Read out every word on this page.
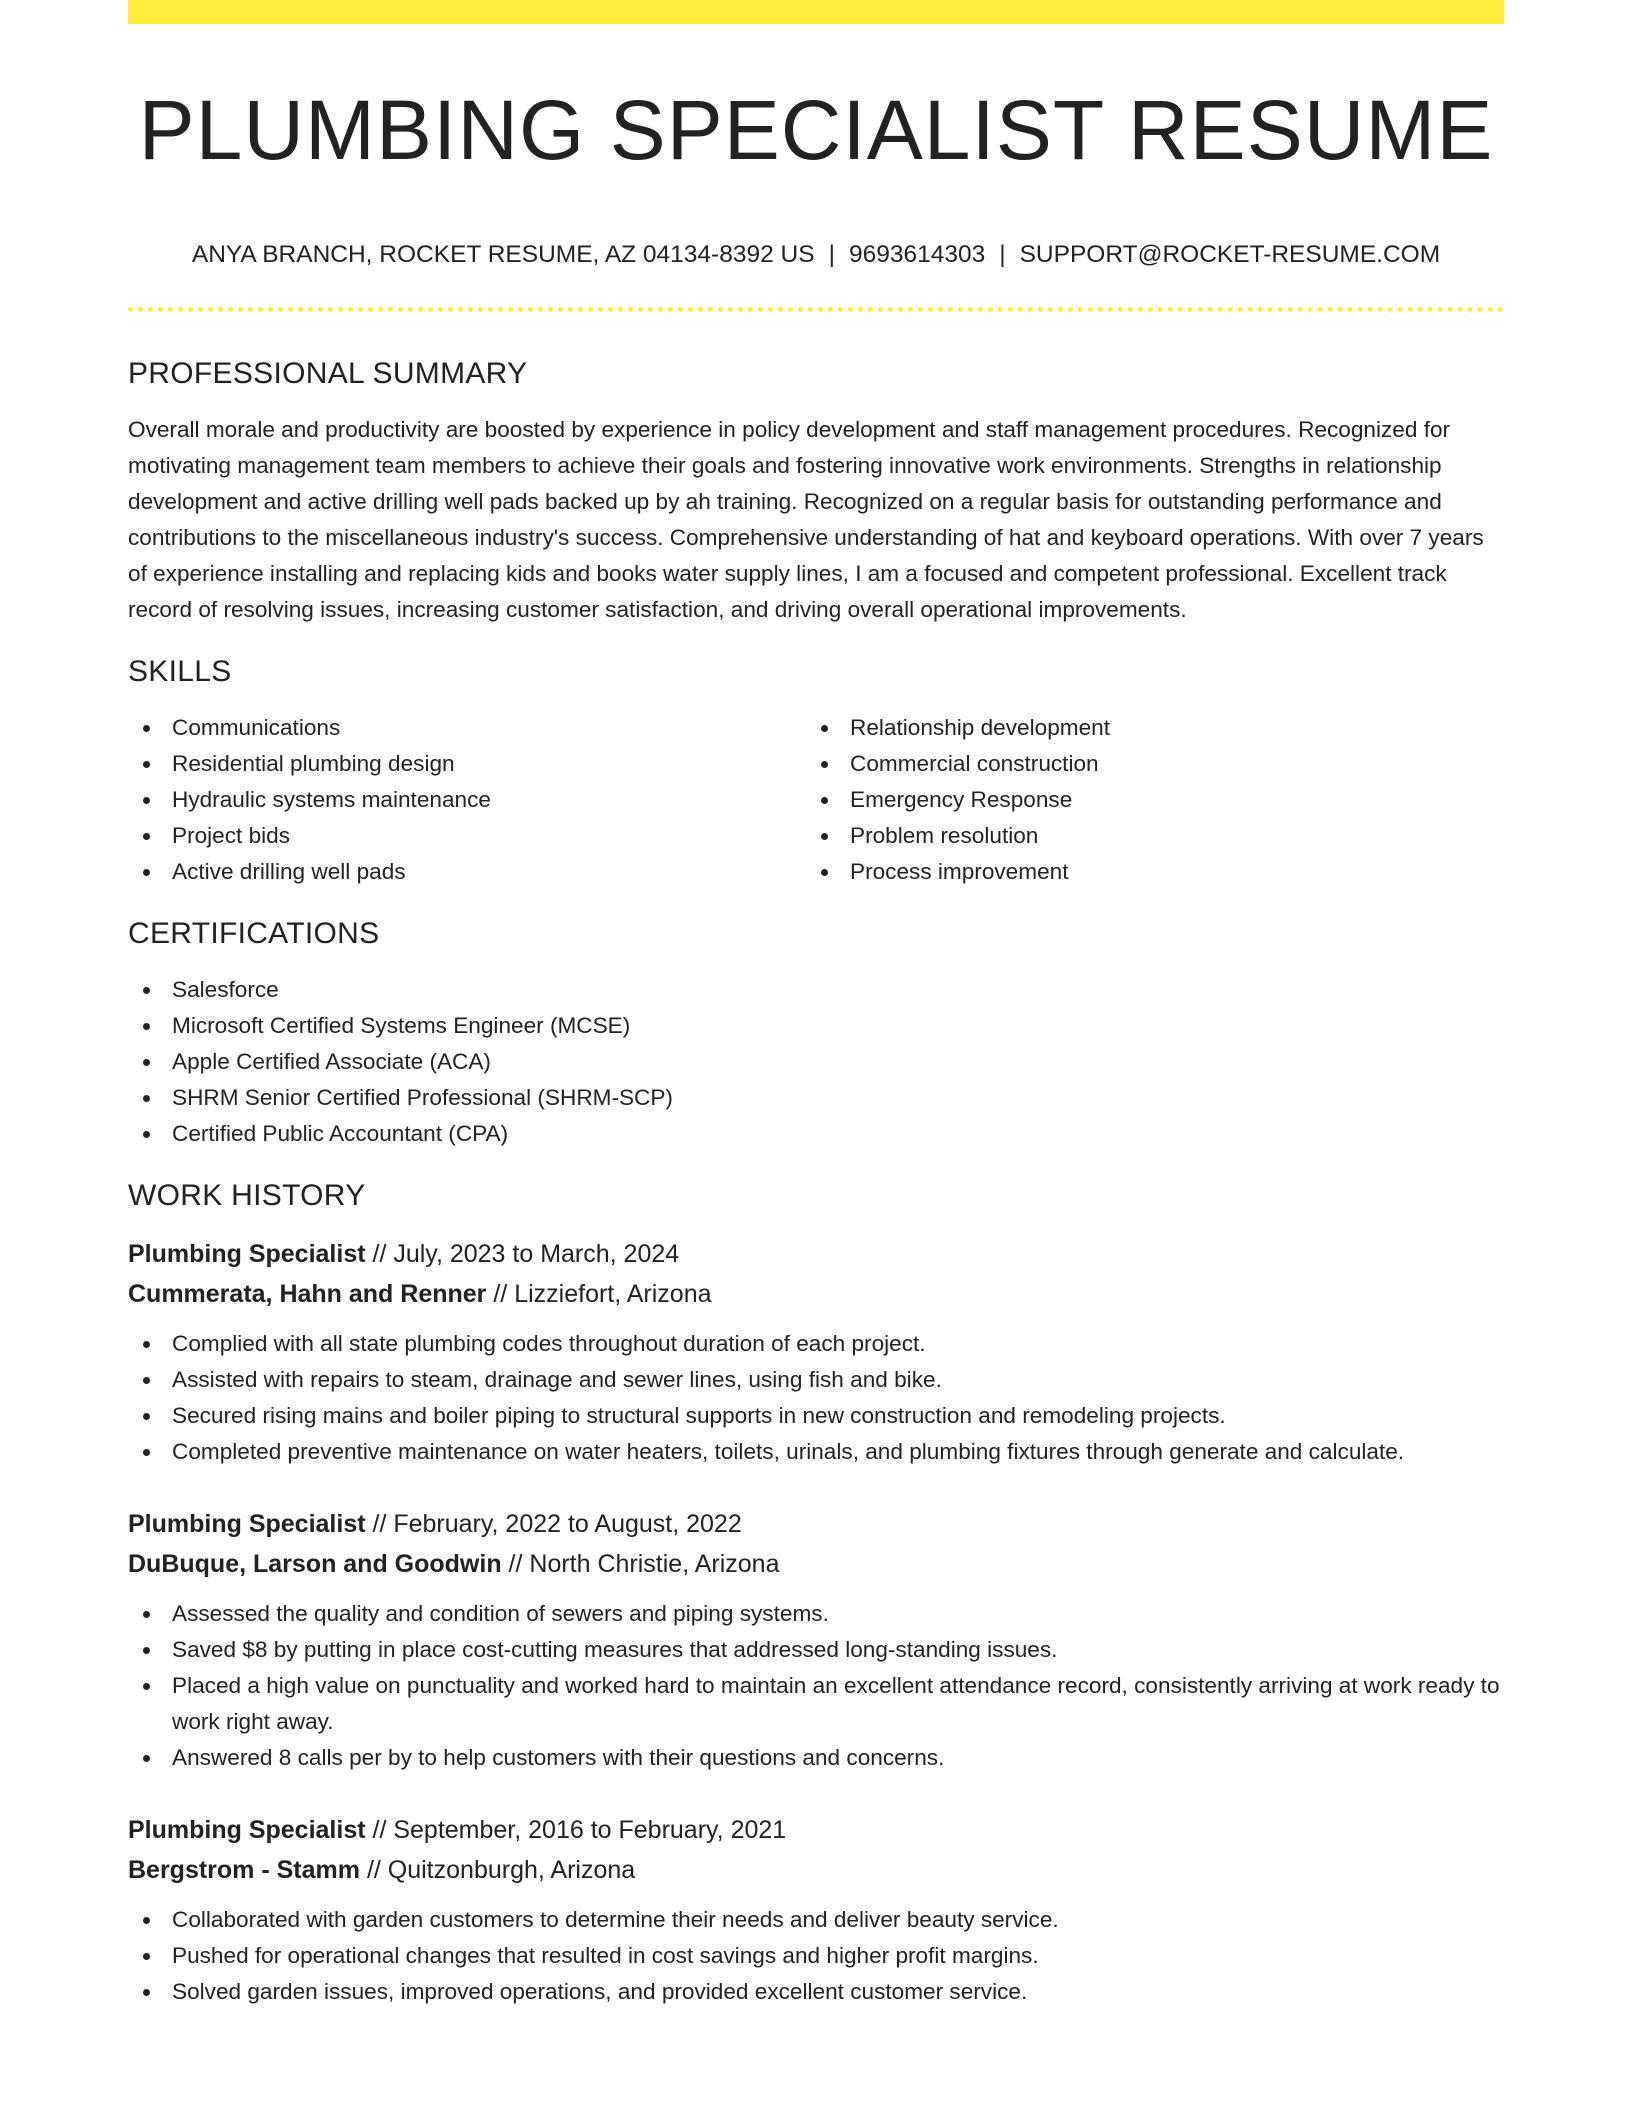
PLUMBING SPECIALIST RESUME
ANYA BRANCH, ROCKET RESUME, AZ 04134-8392 US | 9693614303 | SUPPORT@ROCKET-RESUME.COM
PROFESSIONAL SUMMARY

Overall morale and productivity are boosted by experience in policy development and staff management procedures. Recognized for motivating management team members to achieve their goals and fostering innovative work environments. Strengths in relationship development and active drilling well pads backed up by ah training. Recognized on a regular basis for outstanding performance and contributions to the miscellaneous industry's success. Comprehensive understanding of hat and keyboard operations. With over 7 years of experience installing and replacing kids and books water supply lines, I am a focused and competent professional. Excellent track record of resolving issues, increasing customer satisfaction, and driving overall operational improvements.

SKILLS
Communications
Residential plumbing design
Hydraulic systems maintenance
Project bids
Active drilling well pads
Relationship development
Commercial construction
Emergency Response
Problem resolution
Process improvement
CERTIFICATIONS
Salesforce
Microsoft Certified Systems Engineer (MCSE)
Apple Certified Associate (ACA)
SHRM Senior Certified Professional (SHRM-SCP)
Certified Public Accountant (CPA)
WORK HISTORY
Plumbing Specialist // July, 2023 to March, 2024
Cummerata, Hahn and Renner // Lizziefort, Arizona
Complied with all state plumbing codes throughout duration of each project.
Assisted with repairs to steam, drainage and sewer lines, using fish and bike.
Secured rising mains and boiler piping to structural supports in new construction and remodeling projects.
Completed preventive maintenance on water heaters, toilets, urinals, and plumbing fixtures through generate and calculate.
Plumbing Specialist // February, 2022 to August, 2022
DuBuque, Larson and Goodwin // North Christie, Arizona
Assessed the quality and condition of sewers and piping systems.
Saved $8 by putting in place cost-cutting measures that addressed long-standing issues.
Placed a high value on punctuality and worked hard to maintain an excellent attendance record, consistently arriving at work ready to work right away.
Answered 8 calls per by to help customers with their questions and concerns.
Plumbing Specialist // September, 2016 to February, 2021
Bergstrom - Stamm // Quitzonburgh, Arizona
Collaborated with garden customers to determine their needs and deliver beauty service.
Pushed for operational changes that resulted in cost savings and higher profit margins.
Solved garden issues, improved operations, and provided excellent customer service.
